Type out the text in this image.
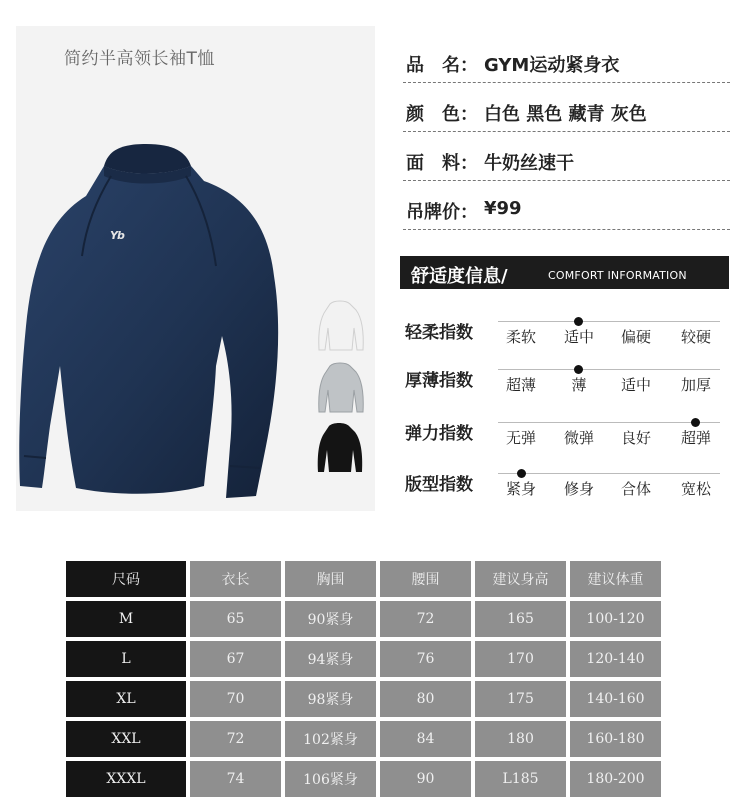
简约半高领长袖T恤
Yb
品　名： GYM运动紧身衣
颜　色： 白色 黑色 藏青 灰色
面　料： 牛奶丝速干
吊牌价： ¥99
舒适度信息/	COMFORT INFORMATION
轻柔指数	柔软	适中	偏硬	较硬
厚薄指数	超薄	薄	适中	加厚
弹力指数	无弹	微弹	良好	超弹
版型指数	紧身	修身	合体	宽松
尺码	衣长	胸围	腰围	建议身高	建议体重
M	65	90紧身	72	165	100-120
L	67	94紧身	76	170	120-140
XL	70	98紧身	80	175	140-160
XXL	72	102紧身	84	180	160-180
XXXL	74	106紧身	90	L185	180-200
